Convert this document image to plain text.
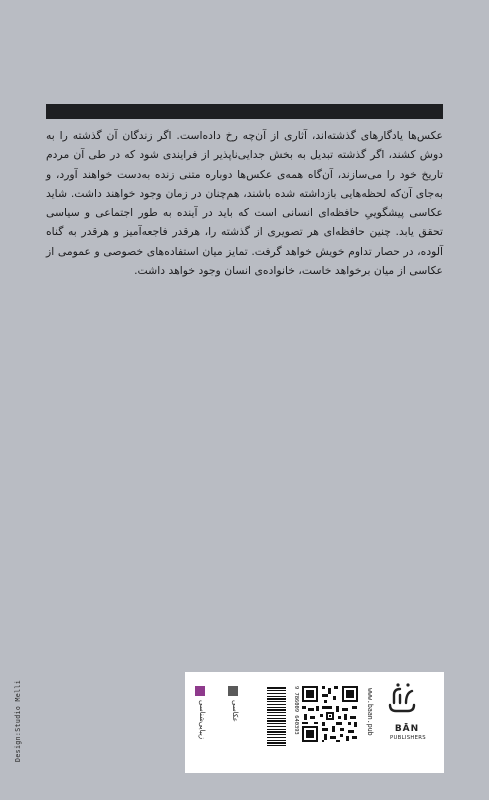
عکس‌ها یادگارهای گذشته‌اند، آثاری از آن‌چه رخ داده‌است. اگر زندگان آن گذشته را به دوش کشند، اگر گذشته تبدیل به بخش جدایی‌ناپذیر از فرایندی شود که در طی آن مردم تاریخ خود را می‌سازند، آن‌گاه همه‌ی عکس‌ها دوباره متنی زنده به‌دست خواهند آورد، و به‌جای آن‌که لحظه‌هایی بازداشته شده باشند، هم‌چنان در زمان وجود خواهند داشت. شاید عکاسی پیشگوییِ حافظه‌ای انسانی است که باید در آینده به طور اجتماعی و سیاسی تحقق یابد. چنین حافظه‌ای هر تصویری از گذشته را، هرقدر فاجعه‌آمیز و هرقدر به گناه آلوده، در حصار تداوم خویش خواهد گرفت. تمایز میان استفاده‌های خصوصی و عمومی از عکاسی از میان برخواهد خاست، خانواده‌ی انسان وجود خواهد داشت.

Design:Studio Melli	زیبایی‌شناسی	عکاسی	9 786009 640393	www.baan.pub	BĀN
PUBLISHERS
